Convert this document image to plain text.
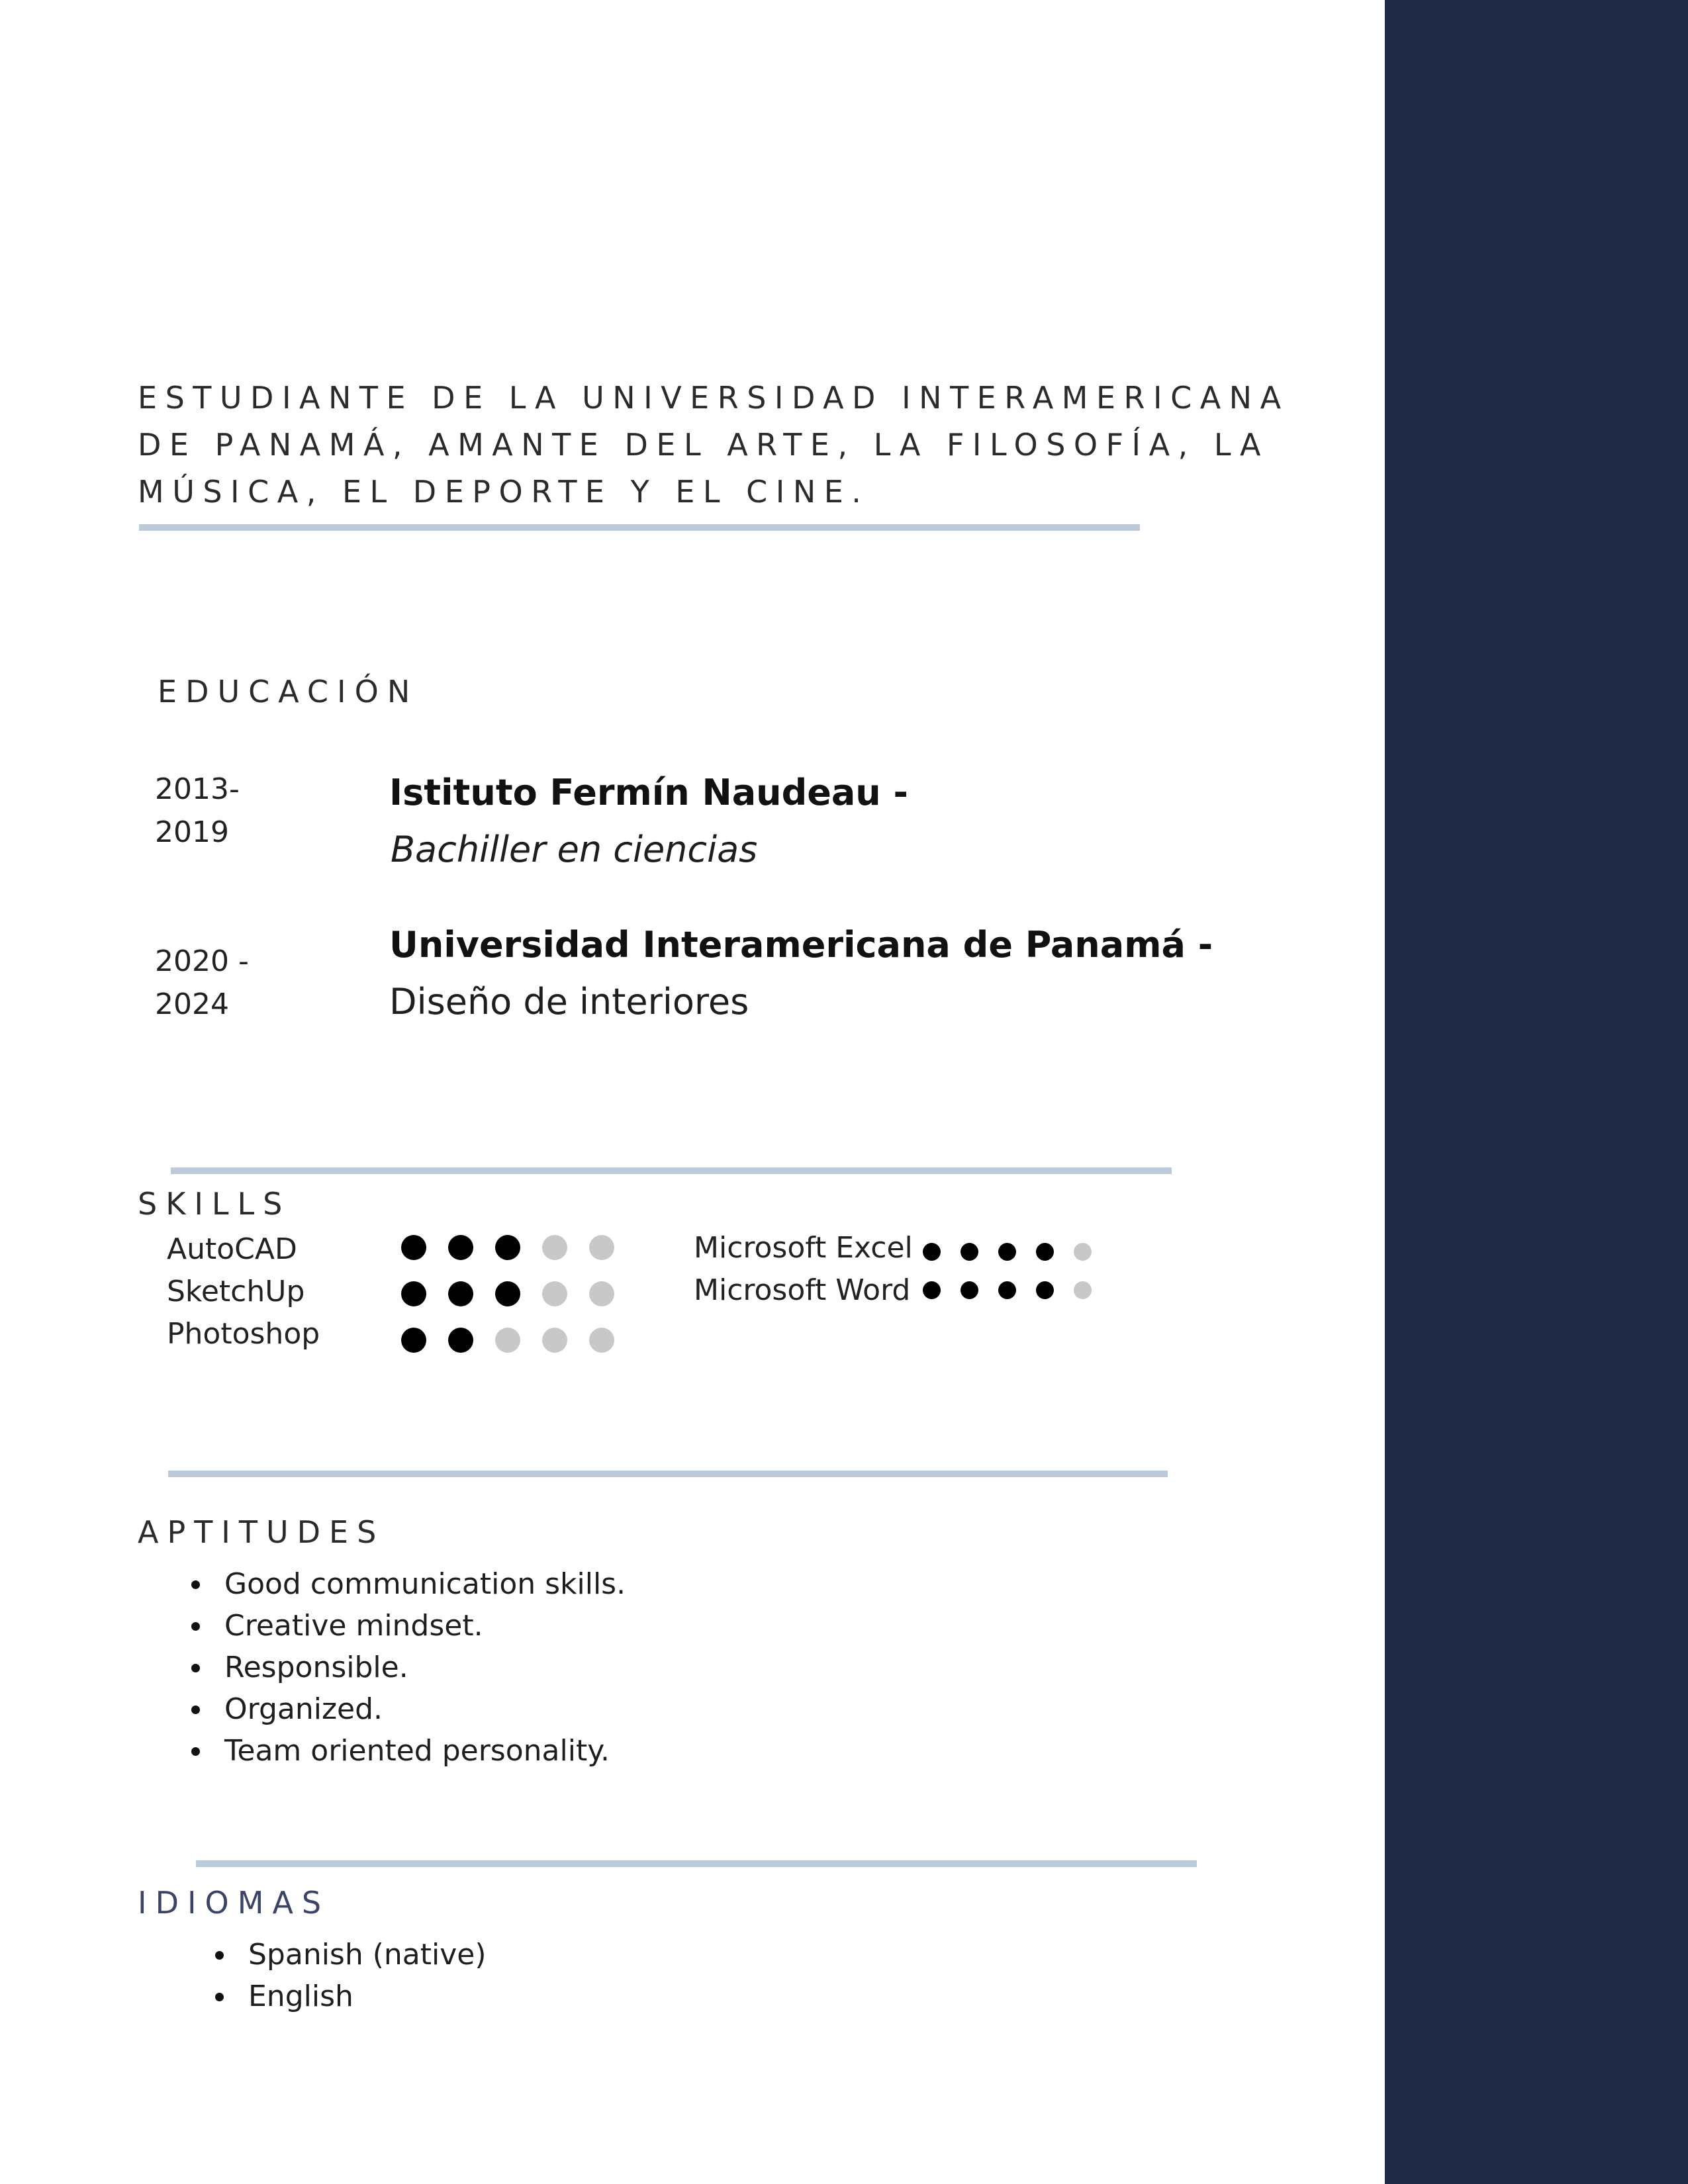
ESTUDIANTE DE LA UNIVERSIDAD INTERAMERICANA
DE PANAMÁ, AMANTE DEL ARTE, LA FILOSOFÍA, LA
MÚSICA, EL DEPORTE Y EL CINE.
EDUCACIÓN
2013-
2019
Istituto Fermín Naudeau -
Bachiller en ciencias
2020 -
2024
Universidad Interamericana de Panamá -
Diseño de interiores
SKILLS
AutoCAD
SketchUp
Photoshop
Microsoft Excel
Microsoft Word
APTITUDES
Good communication skills.
Creative mindset.
Responsible.
Organized.
Team oriented personality.
IDIOMAS
Spanish (native)
English
